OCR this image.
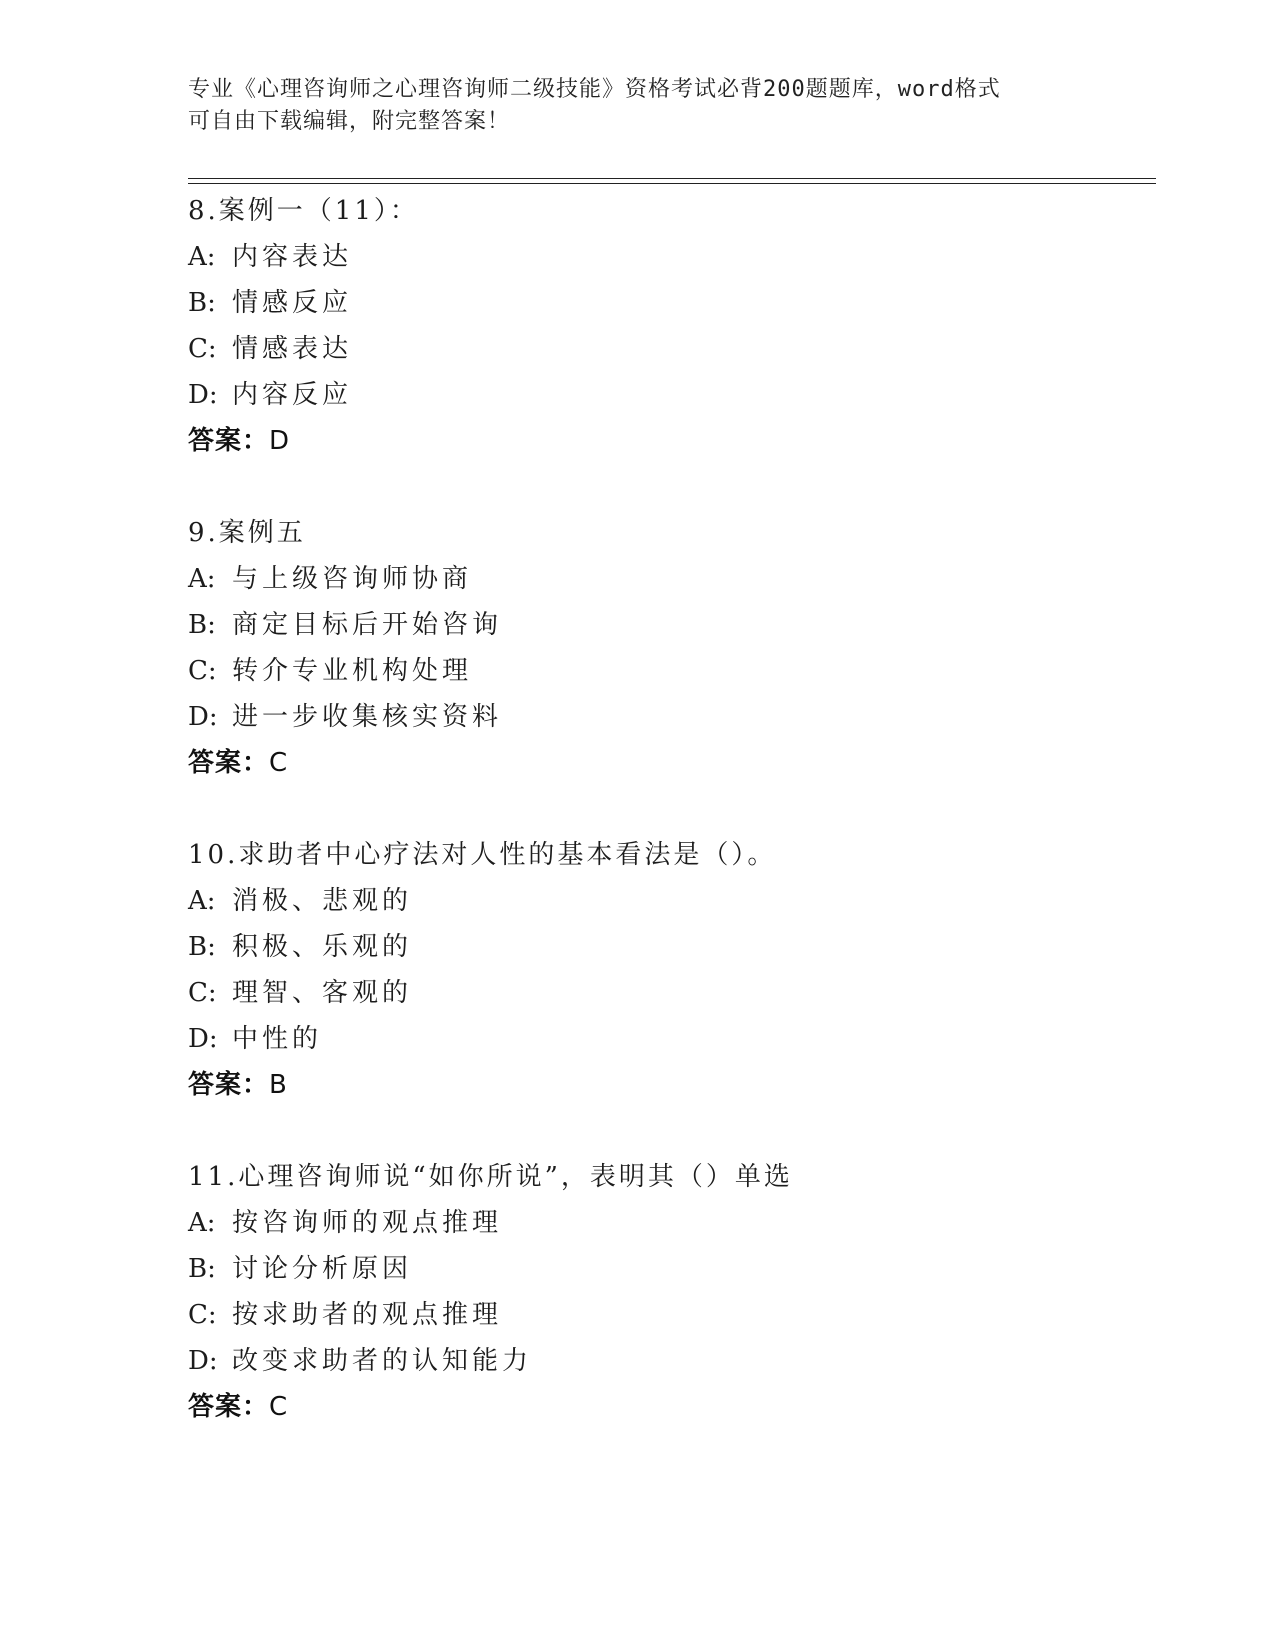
专业《心理咨询师之心理咨询师二级技能》资格考试必背200题题库，word格式
可自由下载编辑，附完整答案！
8.案例一（11）：
A: 内容表达
B: 情感反应
C: 情感表达
D: 内容反应
答案：D
9.案例五
A: 与上级咨询师协商
B: 商定目标后开始咨询
C: 转介专业机构处理
D: 进一步收集核实资料
答案：C
10.求助者中心疗法对人性的基本看法是（）。
A: 消极、悲观的
B: 积极、乐观的
C: 理智、客观的
D: 中性的
答案：B
11.心理咨询师说“如你所说”，表明其（）单选
A: 按咨询师的观点推理
B: 讨论分析原因
C: 按求助者的观点推理
D: 改变求助者的认知能力
答案：C
